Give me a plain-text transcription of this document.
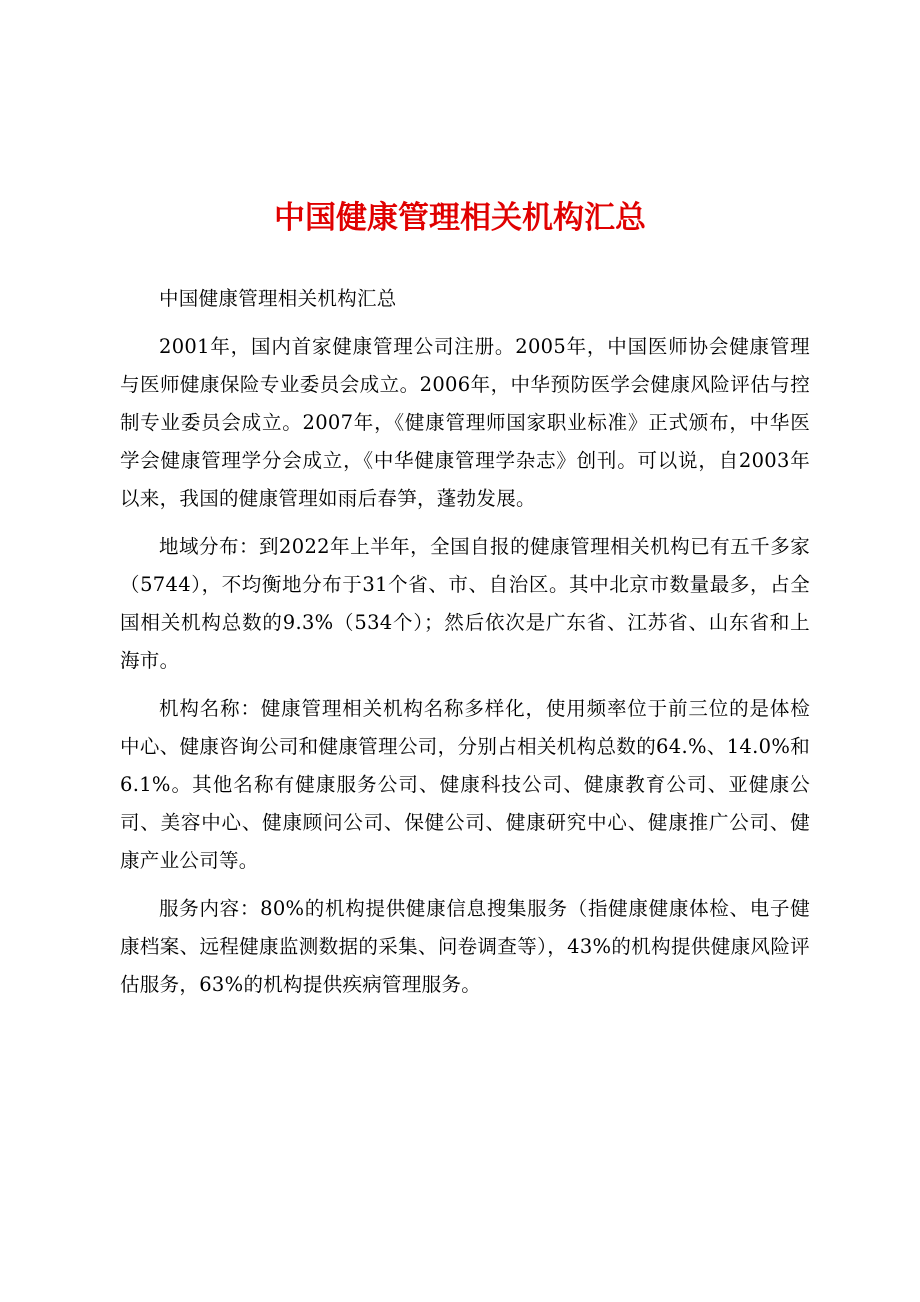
中国健康管理相关机构汇总

中国健康管理相关机构汇总

2001年，国内首家健康管理公司注册。2005年，中国医师协会健康管理与医师健康保险专业委员会成立。2006年，中华预防医学会健康风险评估与控制专业委员会成立。2007年，《健康管理师国家职业标准》正式颁布，中华医学会健康管理学分会成立，《中华健康管理学杂志》创刊。可以说，自2003年以来，我国的健康管理如雨后春笋，蓬勃发展。

地域分布：到2022年上半年，全国自报的健康管理相关机构已有五千多家（5744），不均衡地分布于31个省、市、自治区。其中北京市数量最多，占全国相关机构总数的9.3%（534个）；然后依次是广东省、江苏省、山东省和上海市。

机构名称：健康管理相关机构名称多样化，使用频率位于前三位的是体检中心、健康咨询公司和健康管理公司，分别占相关机构总数的64.%、14.0%和6.1%。其他名称有健康服务公司、健康科技公司、健康教育公司、亚健康公司、美容中心、健康顾问公司、保健公司、健康研究中心、健康推广公司、健康产业公司等。

服务内容：80%的机构提供健康信息搜集服务（指健康健康体检、电子健康档案、远程健康监测数据的采集、问卷调查等），43%的机构提供健康风险评估服务，63%的机构提供疾病管理服务。
